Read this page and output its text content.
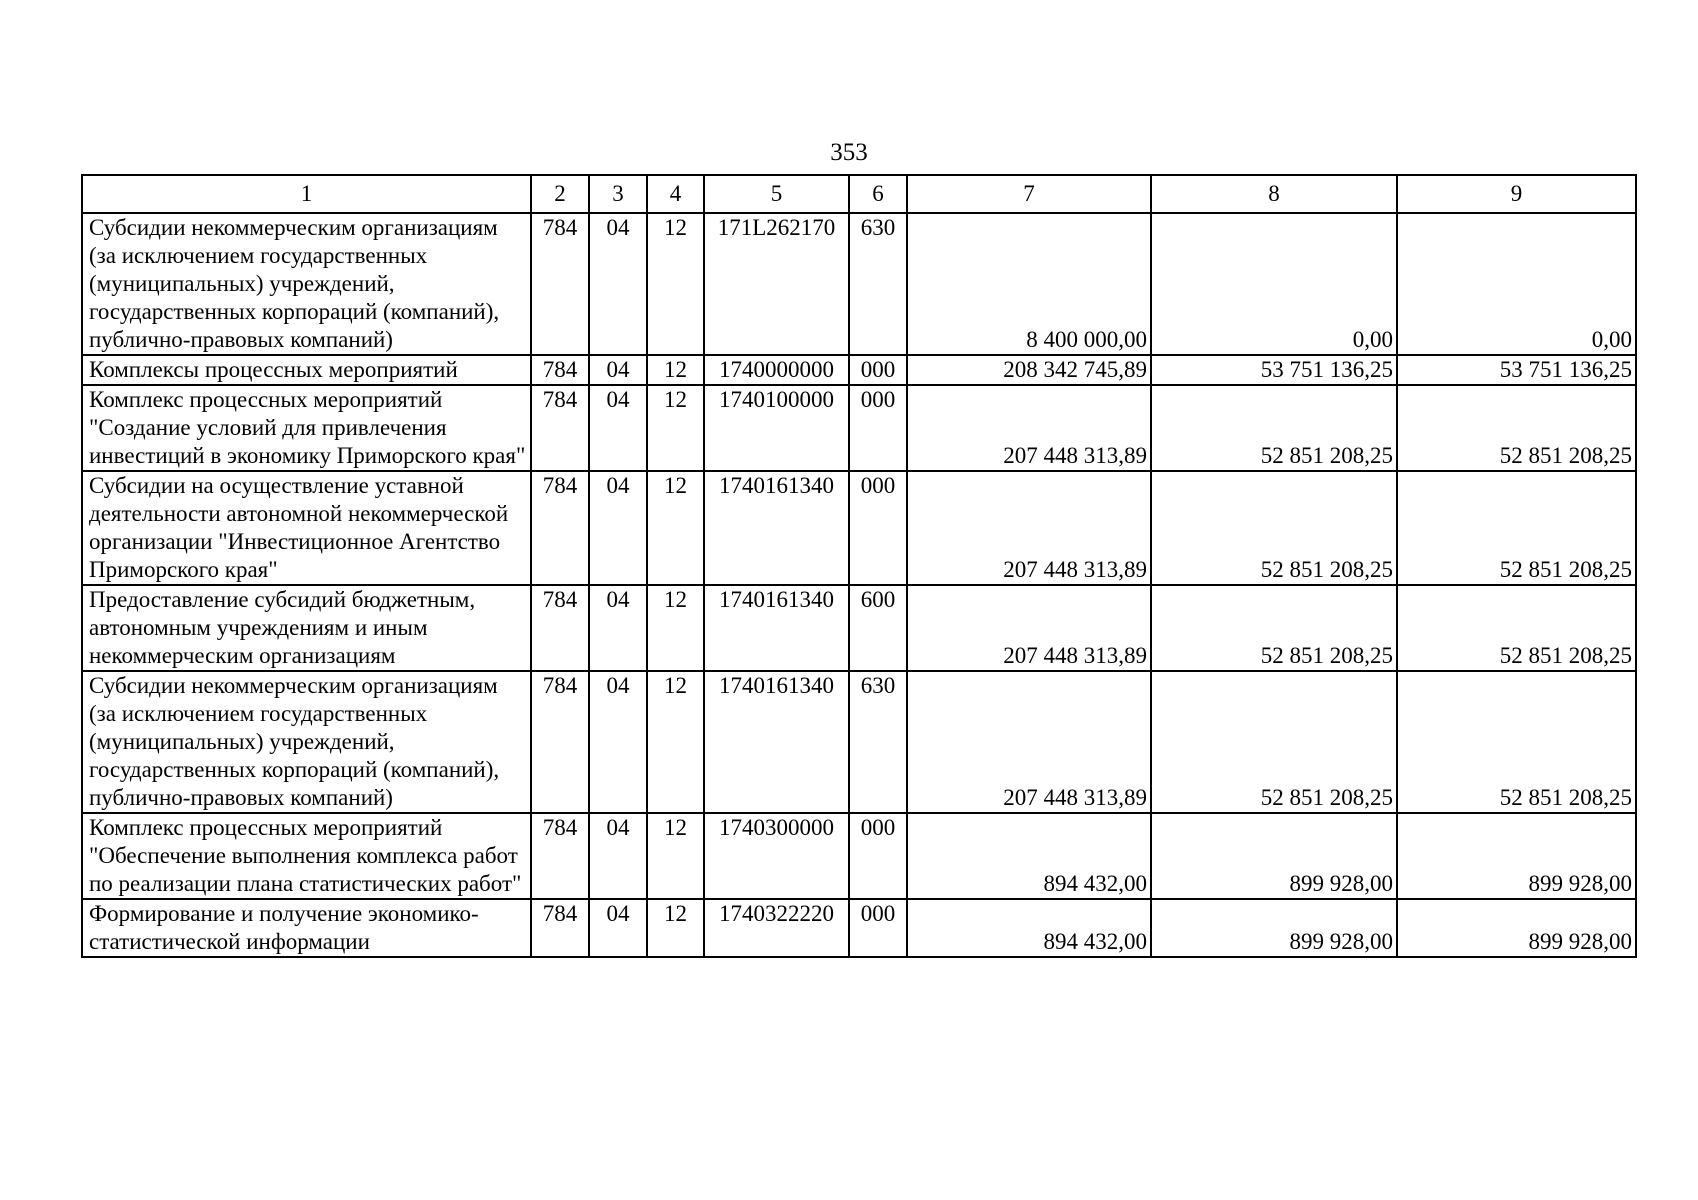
353
1	2	3	4	5	6	7	8	9
Субсидии некоммерческим организациям (за исключением государственных (муниципальных) учреждений, государственных корпораций (компаний), публично-правовых компаний)	784	04	12	171L262170	630	8 400 000,00	0,00	0,00
Комплексы процессных мероприятий	784	04	12	1740000000	000	208 342 745,89	53 751 136,25	53 751 136,25
Комплекс процессных мероприятий "Создание условий для привлечения инвестиций в экономику Приморского края"	784	04	12	1740100000	000	207 448 313,89	52 851 208,25	52 851 208,25
Субсидии на осуществление уставной деятельности автономной некоммерческой организации "Инвестиционное Агентство Приморского края"	784	04	12	1740161340	000	207 448 313,89	52 851 208,25	52 851 208,25
Предоставление субсидий бюджетным, автономным учреждениям и иным некоммерческим организациям	784	04	12	1740161340	600	207 448 313,89	52 851 208,25	52 851 208,25
Субсидии некоммерческим организациям (за исключением государственных (муниципальных) учреждений, государственных корпораций (компаний), публично-правовых компаний)	784	04	12	1740161340	630	207 448 313,89	52 851 208,25	52 851 208,25
Комплекс процессных мероприятий "Обеспечение выполнения комплекса работ по реализации плана статистических работ"	784	04	12	1740300000	000	894 432,00	899 928,00	899 928,00
Формирование и получение экономико-статистической информации	784	04	12	1740322220	000	894 432,00	899 928,00	899 928,00
